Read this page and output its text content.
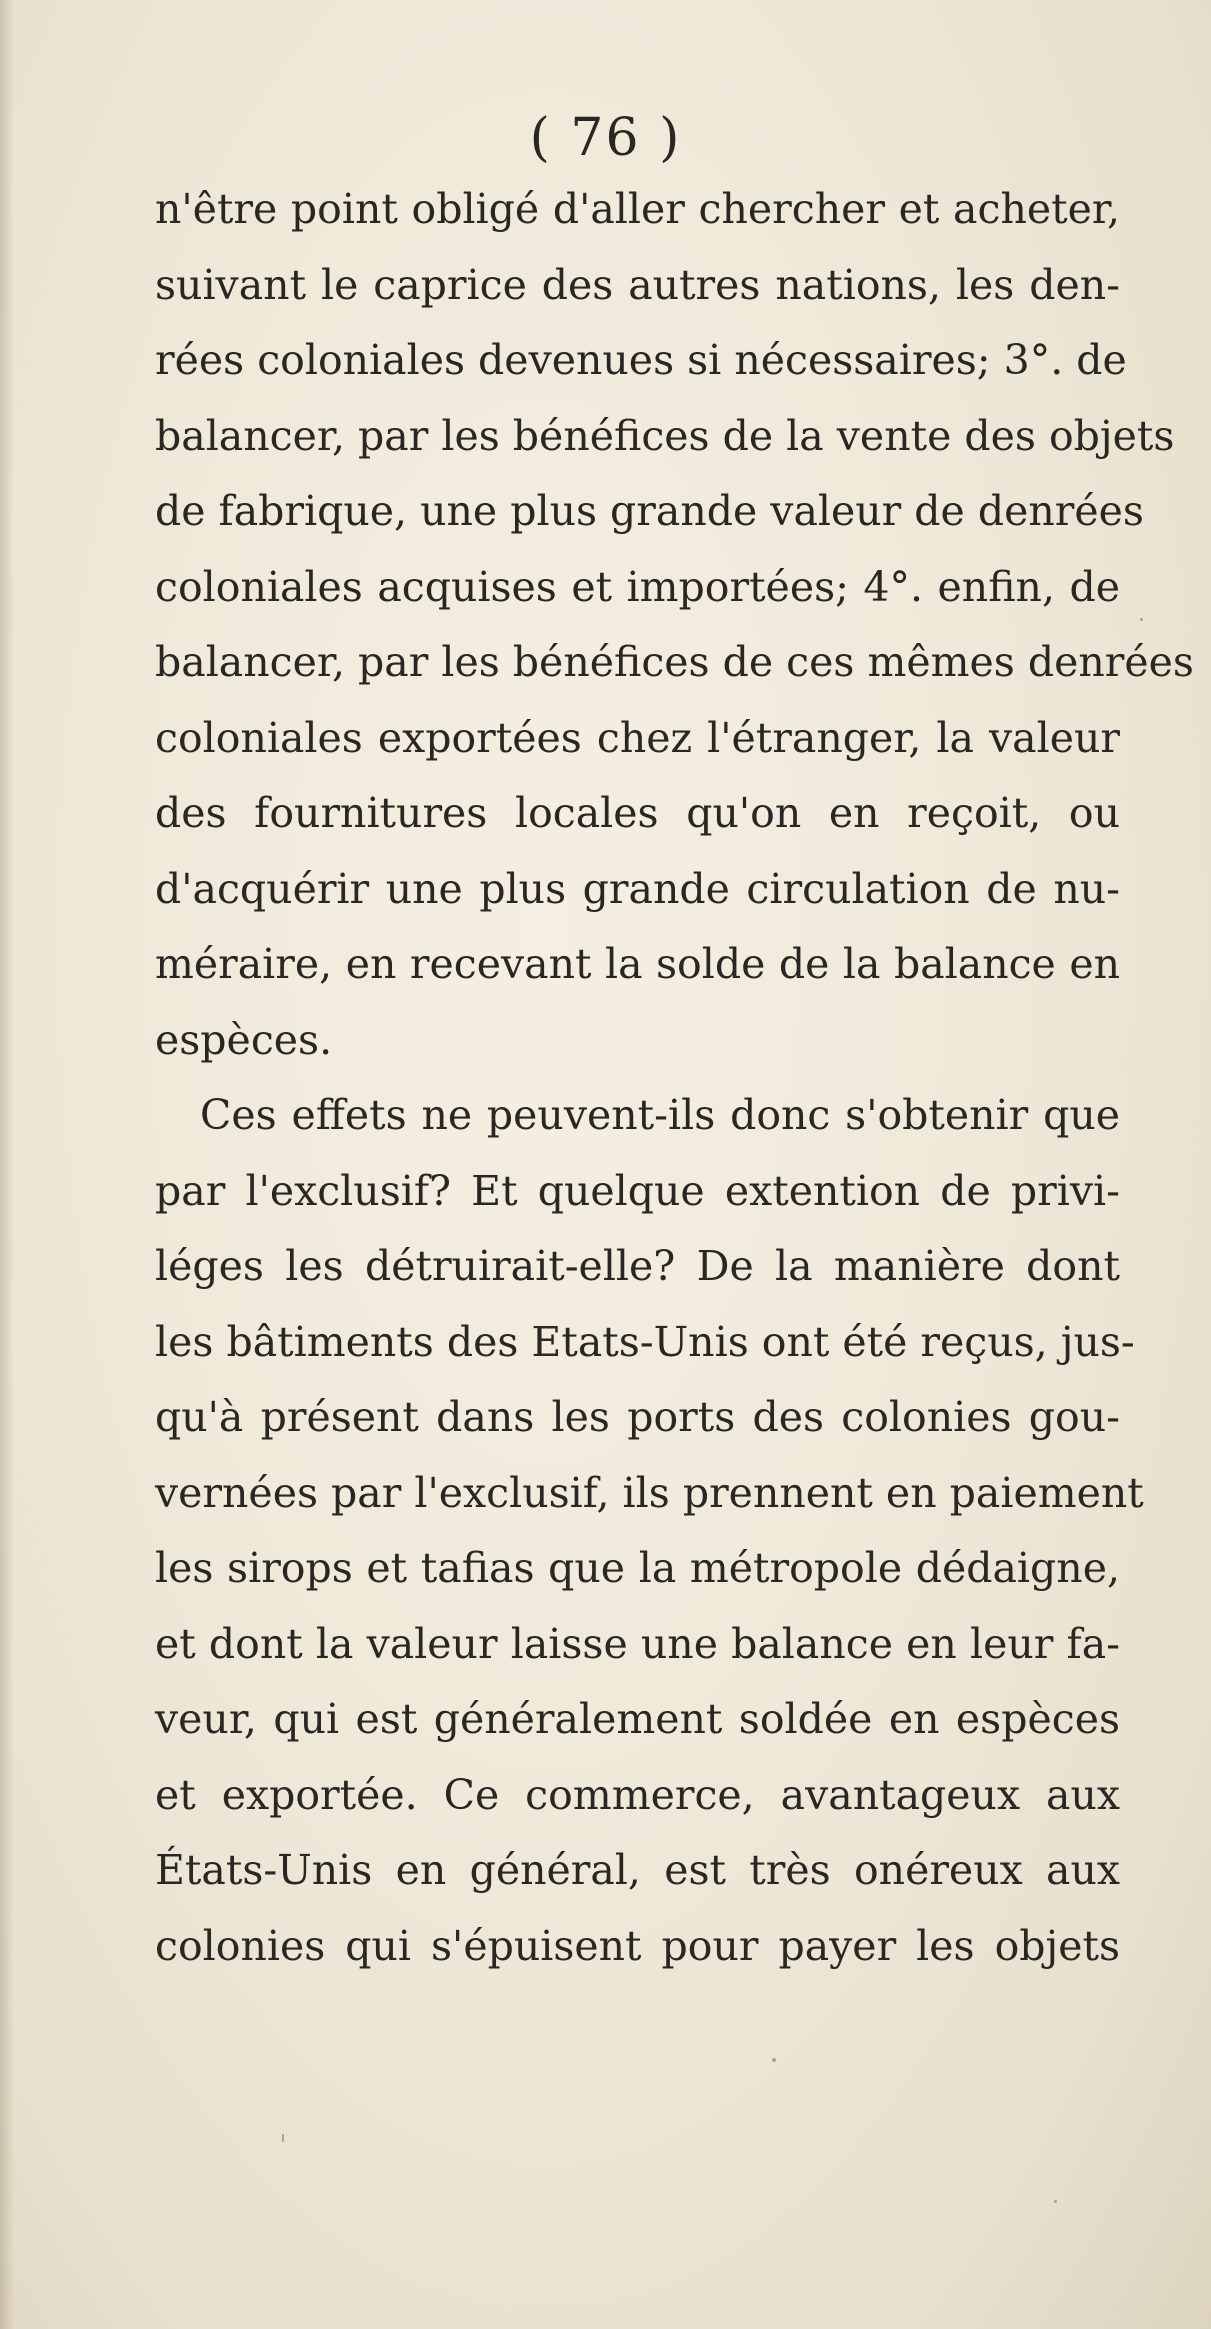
( 76 )
n'être point obligé d'aller chercher et acheter,
suivant le caprice des autres nations, les den-
rées coloniales devenues si nécessaires; 3°. de
balancer, par les bénéfices de la vente des objets
de fabrique, une plus grande valeur de denrées
coloniales acquises et importées; 4°. enfin, de
balancer, par les bénéfices de ces mêmes denrées
coloniales exportées chez l'étranger, la valeur
des fournitures locales qu'on en reçoit, ou
d'acquérir une plus grande circulation de nu-
méraire, en recevant la solde de la balance en
espèces.
Ces effets ne peuvent-ils donc s'obtenir que
par l'exclusif? Et quelque extention de privi-
léges les détruirait-elle? De la manière dont
les bâtiments des Etats-Unis ont été reçus, jus-
qu'à présent dans les ports des colonies gou-
vernées par l'exclusif, ils prennent en paiement
les sirops et tafias que la métropole dédaigne,
et dont la valeur laisse une balance en leur fa-
veur, qui est généralement soldée en espèces
et exportée. Ce commerce, avantageux aux
États-Unis en général, est très onéreux aux
colonies qui s'épuisent pour payer les objets
